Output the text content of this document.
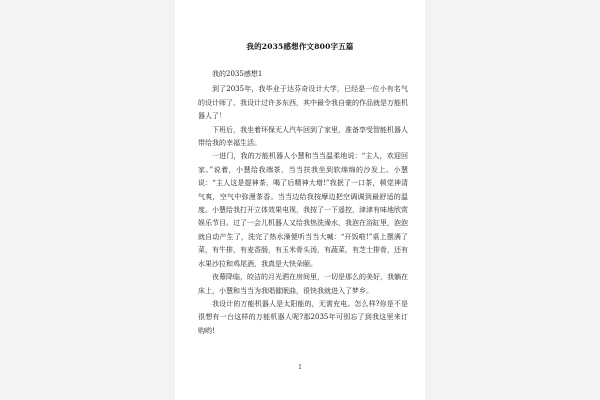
我的2035感想作文800字五篇

我的2035感想1

到了2035年，我毕业于达芬奇设计大学，已经是一位小有名气的设计师了。我设计过许多东西，其中最令我自豪的作品就是万能机器人了！

下班后，我坐着环保无人汽车回到了家里，准备享受智能机器人带给我的幸福生活。

一进门，我的万能机器人小慧和当当温柔地说：“主人，欢迎回家。”说着，小慧给我端茶，当当扶我坐到软绵绵的沙发上。小慧说：“主人这是提神茶，喝了后精神大增!”我抿了一口茶，顿觉神清气爽，空气中弥漫茶香。当当边给我按摩边把空调调到最舒适的温度。小慧给我打开立体效果电视，我按了一下遥控，津津有味地欣赏娱乐节目。过了一会儿机器人又给我热洗澡水，我泡在浴缸里，泡泡就自动产生了，洗完了热水澡便听当当大喊：“开饭啦!”桌上摆满了菜，有牛排，有麦香肠，有玉米骨头汤，有蔬菜，有芝士排骨，还有水果沙拉和鸡尾酒，我真是大快朵颐。

夜幕降临，皎洁的月光洒在房间里，一切是那么的美好，我躺在床上，小慧和当当为我唱催眠曲，很快我就进入了梦乡。

我设计的万能机器人是太阳能的，无需充电。怎么样?你是不是很想有一台这样的万能机器人呢?那2035年可别忘了到我这里来订购哟!

1
